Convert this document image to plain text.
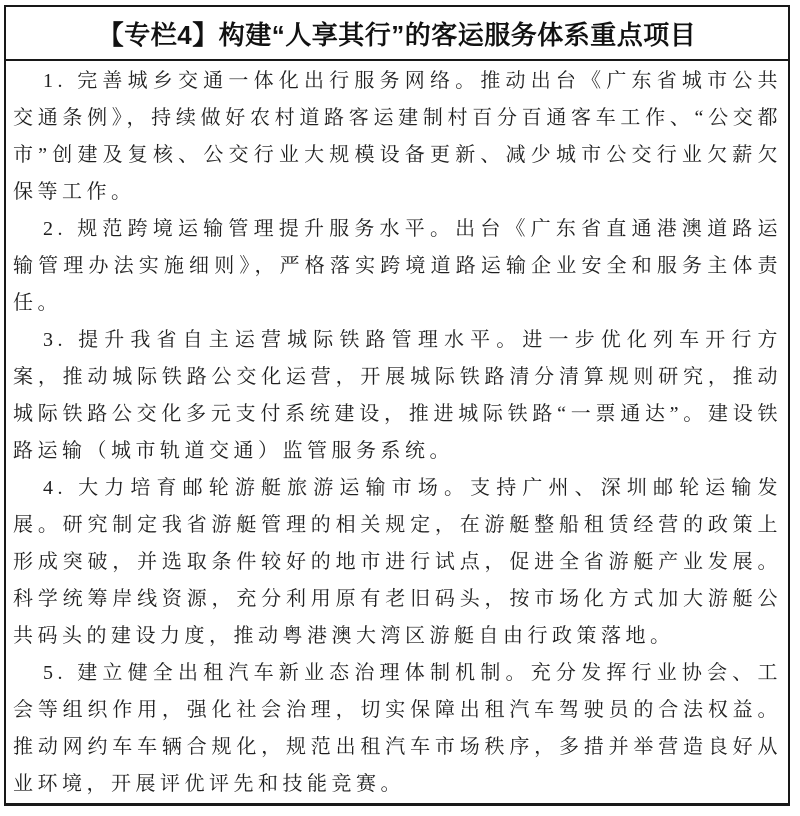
【专栏4】构建“人享其行”的客运服务体系重点项目

1. 完善城乡交通一体化出行服务网络。推动出台《广东省城市公共交通条例》，持续做好农村道路客运建制村百分百通客车工作、“公交都市”创建及复核、公交行业大规模设备更新、减少城市公交行业欠薪欠保等工作。

2. 规范跨境运输管理提升服务水平。出台《广东省直通港澳道路运输管理办法实施细则》，严格落实跨境道路运输企业安全和服务主体责任。

3. 提升我省自主运营城际铁路管理水平。进一步优化列车开行方案，推动城际铁路公交化运营，开展城际铁路清分清算规则研究，推动城际铁路公交化多元支付系统建设，推进城际铁路“一票通达”。建设铁路运输（城市轨道交通）监管服务系统。

4. 大力培育邮轮游艇旅游运输市场。支持广州、深圳邮轮运输发展。研究制定我省游艇管理的相关规定，在游艇整船租赁经营的政策上形成突破，并选取条件较好的地市进行试点，促进全省游艇产业发展。科学统筹岸线资源，充分利用原有老旧码头，按市场化方式加大游艇公共码头的建设力度，推动粤港澳大湾区游艇自由行政策落地。

5. 建立健全出租汽车新业态治理体制机制。充分发挥行业协会、工会等组织作用，强化社会治理，切实保障出租汽车驾驶员的合法权益。推动网约车车辆合规化，规范出租汽车市场秩序，多措并举营造良好从业环境，开展评优评先和技能竞赛。
